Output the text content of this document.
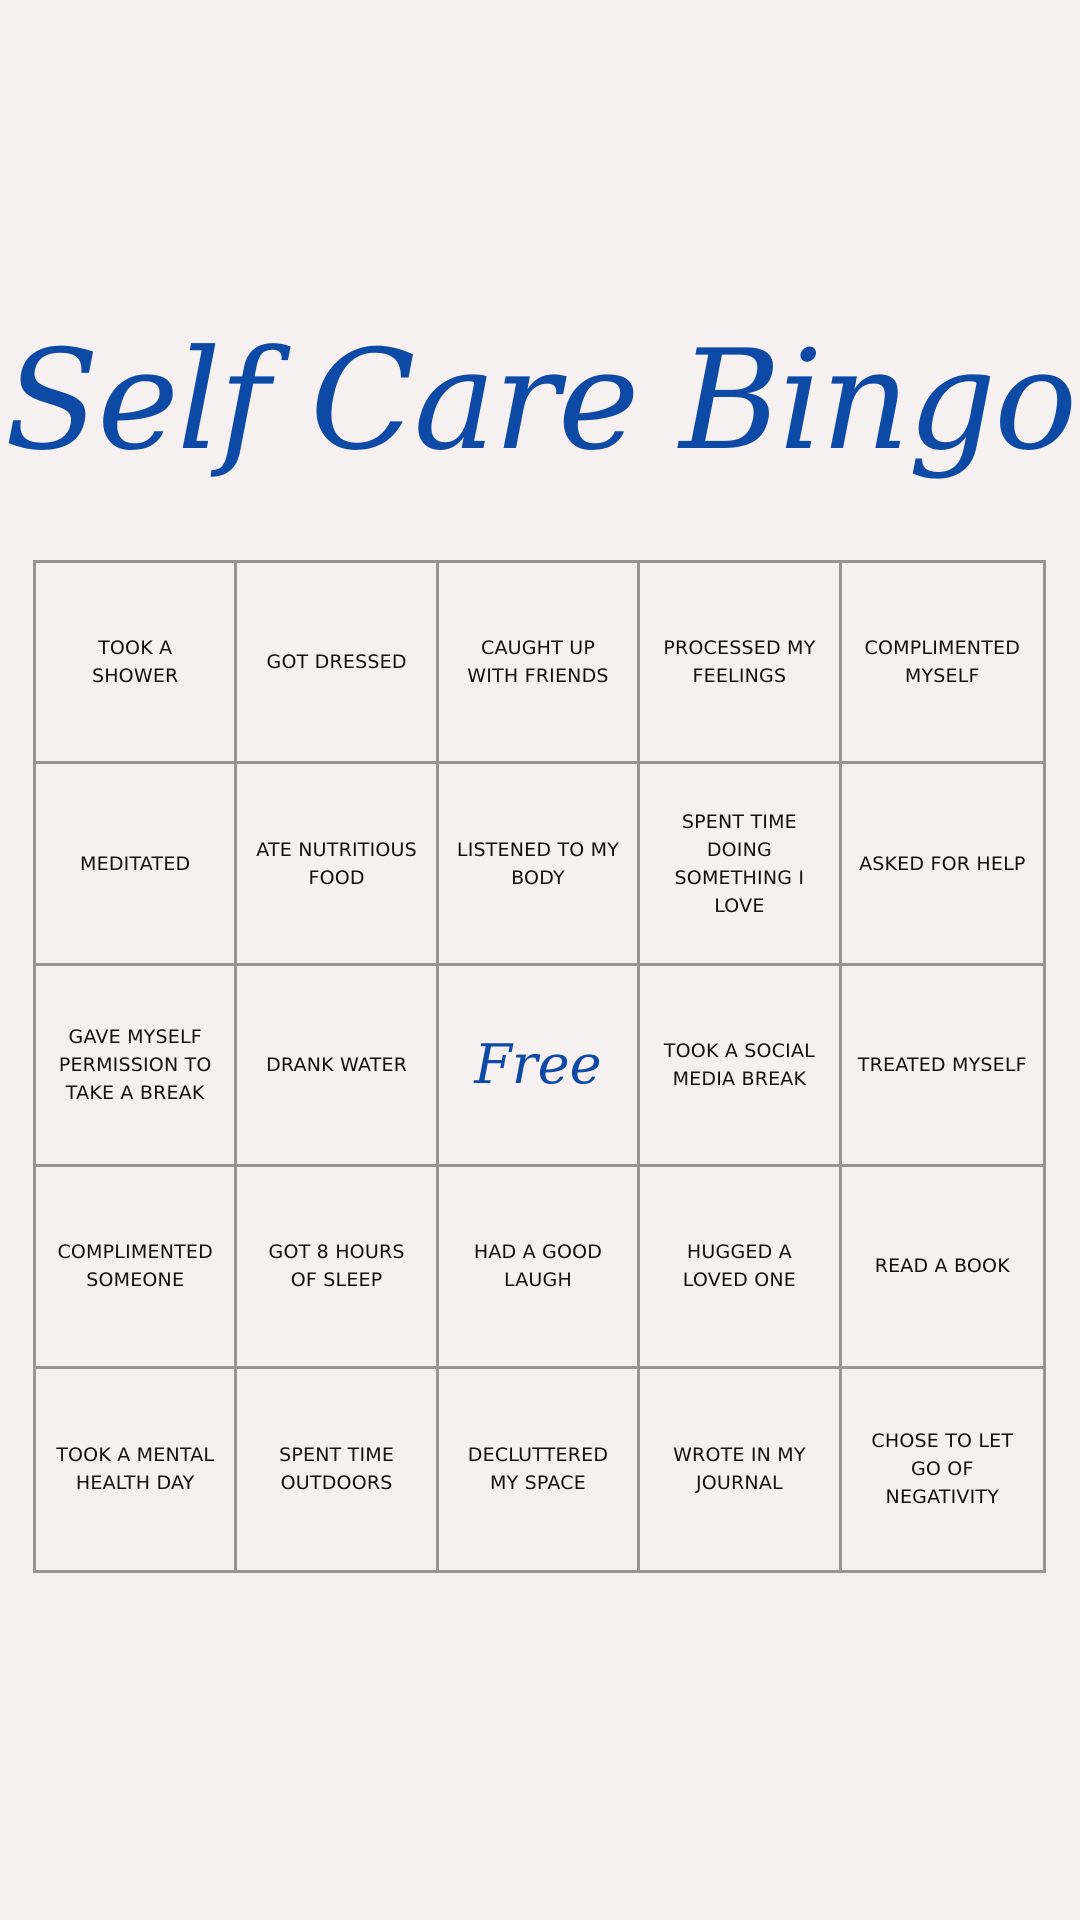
Self Care Bingo
TOOK A
SHOWER
GOT DRESSED
CAUGHT UP
WITH FRIENDS
PROCESSED MY
FEELINGS
COMPLIMENTED
MYSELF
MEDITATED
ATE NUTRITIOUS
FOOD
LISTENED TO MY
BODY
SPENT TIME
DOING
SOMETHING I
LOVE
ASKED FOR HELP
GAVE MYSELF
PERMISSION TO
TAKE A BREAK
DRANK WATER Free	TOOK A SOCIAL
MEDIA BREAK
TREATED MYSELF
COMPLIMENTED
SOMEONE
GOT 8 HOURS
OF SLEEP
HAD A GOOD
LAUGH
HUGGED A
LOVED ONE
READ A BOOK
TOOK A MENTAL
HEALTH DAY
SPENT TIME
OUTDOORS
DECLUTTERED
MY SPACE
WROTE IN MY
JOURNAL
CHOSE TO LET
GO OF
NEGATIVITY
